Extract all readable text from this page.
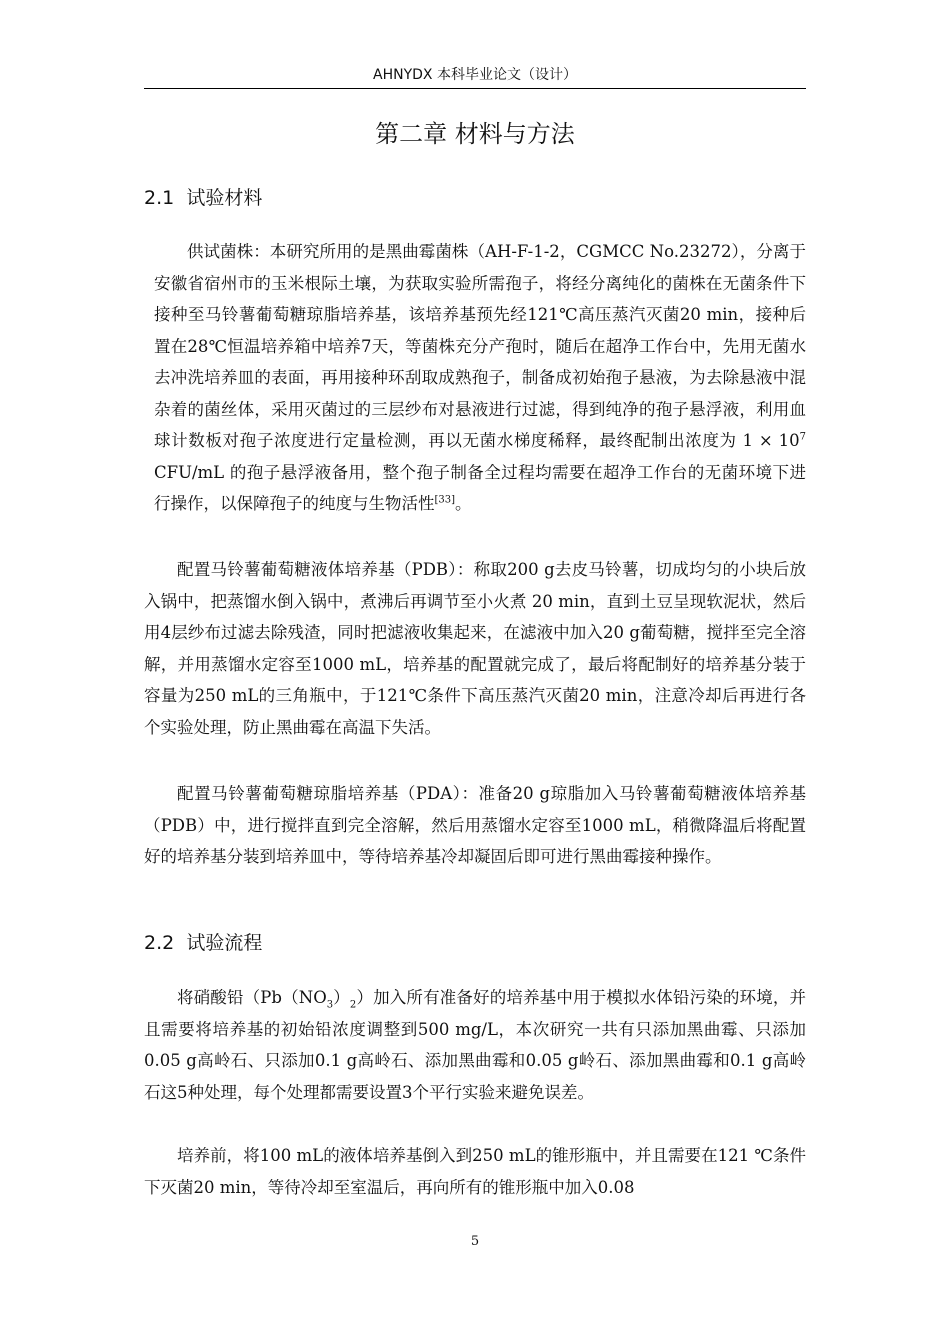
AHNYDX 本科毕业论文（设计）
第二章 材料与方法
2.1 试验材料

供试菌株：本研究所用的是黑曲霉菌株（AH-F-1-2，CGMCC No.23272），分离于安徽省宿州市的玉米根际土壤，为获取实验所需孢子，将经分离纯化的菌株在无菌条件下接种至马铃薯葡萄糖琼脂培养基，该培养基预先经121℃高压蒸汽灭菌20 min，接种后置在28℃恒温培养箱中培养7天，等菌株充分产孢时，随后在超净工作台中，先用无菌水去冲洗培养皿的表面，再用接种环刮取成熟孢子，制备成初始孢子悬液，为去除悬液中混杂着的菌丝体，采用灭菌过的三层纱布对悬液进行过滤，得到纯净的孢子悬浮液，利用血球计数板对孢子浓度进行定量检测，再以无菌水梯度稀释，最终配制出浓度为 $1 \times 10^7$ CFU/mL 的孢子悬浮液备用，整个孢子制备全过程均需要在超净工作台的无菌环境下进行操作，以保障孢子的纯度与生物活性[33]。

配置马铃薯葡萄糖液体培养基（PDB）：称取200 g去皮马铃薯，切成均匀的小块后放入锅中，把蒸馏水倒入锅中，煮沸后再调节至小火煮 20 min，直到土豆呈现软泥状，然后用4层纱布过滤去除残渣，同时把滤液收集起来，在滤液中加入20 g葡萄糖，搅拌至完全溶解，并用蒸馏水定容至1000 mL，培养基的配置就完成了，最后将配制好的培养基分装于容量为250 mL的三角瓶中，于121℃条件下高压蒸汽灭菌20 min，注意冷却后再进行各个实验处理，防止黑曲霉在高温下失活。

配置马铃薯葡萄糖琼脂培养基（PDA）：准备20 g琼脂加入马铃薯葡萄糖液体培养基（PDB）中，进行搅拌直到完全溶解，然后用蒸馏水定容至1000 mL，稍微降温后将配置好的培养基分装到培养皿中，等待培养基冷却凝固后即可进行黑曲霉接种操作。

2.2 试验流程

将硝酸铅$(Pb(NO_3)_2)$加入所有准备好的培养基中用于模拟水体铅污染的环境，并且需要将培养基的初始铅浓度调整到500 mg/L，本次研究一共有只添加黑曲霉、只添加0.05 g高岭石、只添加0.1 g高岭石、添加黑曲霉和0.05 g岭石、添加黑曲霉和0.1 g高岭石这5种处理，每个处理都需要设置3个平行实验来避免误差。

培养前，将100 mL的液体培养基倒入到250 mL的锥形瓶中，并且需要在121 ℃条件下灭菌20 min，等待冷却至室温后，再向所有的锥形瓶中加入0.08

5
